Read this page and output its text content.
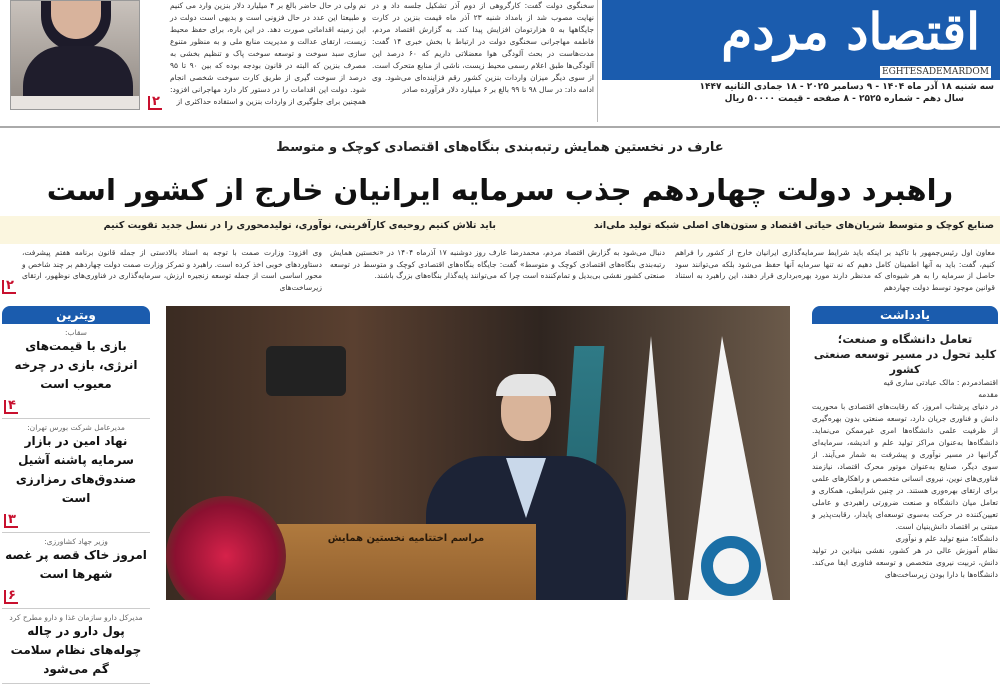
نم ولی در حال حاضر بالغ بر ۴ میلیارد دلار بنزین وارد می کنیم و طبیعتا این عدد در حال فزونی است و بدیهی است دولت در این زمینه اقداماتی صورت دهد. در این باره، برای حفظ محیط زیست، ارتقای عدالت و مدیریت منابع ملی و به منظور متنوع سازی سبد سوخت و توسعه سوخت پاک و تنظیم بخشی به مصرف بنزین که البته در قانون بودجه بوده که بین ۹۰ تا ۹۵ درصد از سوخت گیری از طریق کارت سوخت شخصی انجام شود. دولت این اقدامات را در دستور کار دارد مهاجرانی افزود: همچنین برای جلوگیری از واردات بنزین و استفاده حداکثری از
۲
سخنگوی دولت گفت: کارگروهی از دوم آذر تشکیل جلسه داد و در نهایت مصوب شد از بامداد شنبه ۲۳ آذر ماه قیمت بنزین در کارت جایگاهها به ۵ هزارتومان افزایش پیدا کند. به گزارش اقتصاد مردم، فاطمه مهاجرانی سخنگوی دولت در ارتباط با بخش خبری ۱۴ گفت: مدت‌هاست در بحث آلودگی هوا معضلاتی داریم که ۶۰ درصد این آلودگی‌ها طبق اعلام رسمی محیط زیست، ناشی از منابع متحرک است. از سوی دیگر میزان واردات بنزین کشور رقم فزاینده‌ای می‌شود. وی ادامه داد: در سال ۹۸ تا ۹۹ بالغ بر ۶ میلیارد دلار فرآورده صادر
اقتصاد مردم
EGHTESADEMARDOM
سه شنبه ۱۸ آذر ماه ۱۴۰۴ - ۹ دسامبر ۲۰۲۵ - ۱۸ جمادی الثانیه ۱۴۴۷
سال دهم - شماره ۲۵۲۵ - ۸ صفحه - قیمت ۵۰۰۰۰ ریال
عارف در نخستین همایش رتبه‌بندی بنگاه‌های اقتصادی کوچک و متوسط
راهبرد دولت چهاردهم جذب سرمایه ایرانیان خارج از کشور است
صنایع کوچک و متوسط شریان‌های حیاتی اقتصاد و ستون‌های اصلی شبکه تولید ملی‌اند
باید تلاش کنیم روحیه‌ی کارآفرینی، نوآوری، تولیدمحوری را در نسل جدید تقویت کنیم
معاون اول رئیس‌جمهور با تاکید بر اینکه باید شرایط سرمایه‌گذاری ایرانیان خارج از کشور را فراهم کنیم، گفت: باید به آنها اطمینان کامل دهیم که نه تنها سرمایه آنها حفظ می‌شود بلکه می‌توانند سود حاصل از سرمایه را به هر شیوه‌ای که مدنظر دارند مورد بهره‌برداری قرار دهند، این راهبرد به استناد قوانین موجود توسط دولت چهاردهم
دنبال می‌شود به گزارش اقتصاد مردم، محمدرضا عارف روز دوشنبه ۱۷ آذرماه ۱۴۰۴ در «نخستین همایش رتبه‌بندی بنگاه‌های اقتصادی کوچک و متوسط» گفت: جایگاه بنگاه‌های اقتصادی کوچک و متوسط در توسعه صنعتی کشور نقشی بی‌بدیل و تمام‌کننده است چرا که می‌توانند پایه‌گذار بنگاه‌های بزرگ باشند.
وی افزود: وزارت صمت با توجه به اسناد بالادستی از جمله قانون برنامه هفتم پیشرفت، دستاوردهای خوبی اخذ کرده است. راهبرد و تمرکز وزارت صمت دولت چهاردهم بر چند شاخص و محور اساسی است از جمله توسعه زنجیره ارزش، سرمایه‌گذاری در فناوری‌های نوظهور، ارتقای زیرساخت‌های
۲
ویترین
سقاب:
بازی با قیمت‌های انرژی، بازی در چرخه معیوب است
۴
مدیرعامل شرکت بورس تهران:
نهاد امین در بازار سرمایه پاشنه آشیل صندوق‌های رمزارزی است
۳
وزیر جهاد کشاورزی:
امروز خاک قصه پر غصه شهرها است
۶
مدیرکل دارو سازمان غذا و دارو مطرح کرد
پول دارو در چاله چوله‌های نظام سلامت گم می‌شود
مراسم اختتامیه نخستین همایش
یادداشت
تعامل دانشگاه و صنعت؛
کلید تحول در مسیر توسعه صنعتی کشور
اقتصادمردم : مالک عبادتی ساری قیه
مقدمه
در دنیای پرشتاب امروز، که رقابت‌های اقتصادی با محوریت دانش و فناوری جریان دارد، توسعه صنعتی بدون بهره‌گیری از ظرفیت علمی دانشگاه‌ها امری غیرممکن می‌نماید. دانشگاه‌ها به‌عنوان مراکز تولید علم و اندیشه، سرمایه‌ای گرانبها در مسیر نوآوری و پیشرفت به شمار می‌آیند. از سوی دیگر، صنایع به‌عنوان موتور محرک اقتصاد، نیازمند فناوری‌های نوین، نیروی انسانی متخصص و راهکارهای علمی برای ارتقای بهره‌وری هستند. در چنین شرایطی، همکاری و تعامل میان دانشگاه و صنعت ضرورتی راهبردی و عاملی تعیین‌کننده در حرکت به‌سوی توسعه‌ای پایدار، رقابت‌پذیر و مبتنی بر اقتصاد دانش‌بنیان است.
دانشگاه؛ منبع تولید علم و نوآوری
نظام آموزش عالی در هر کشور، نقشی بنیادین در تولید دانش، تربیت نیروی متخصص و توسعه فناوری ایفا می‌کند. دانشگاه‌ها با دارا بودن زیرساخت‌های
